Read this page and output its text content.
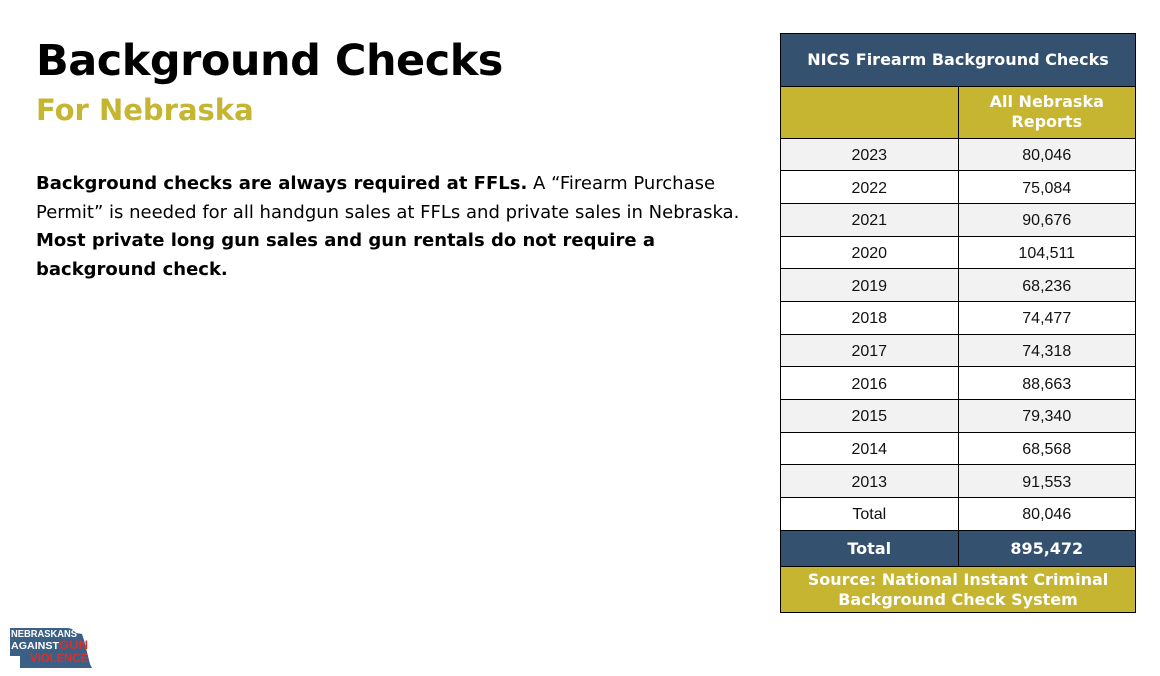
Background Checks
For Nebraska

Background checks are always required at FFLs. A “Firearm Purchase Permit” is needed for all handgun sales at FFLs and private sales in Nebraska. Most private long gun sales and gun rentals do not require a background check.

NICS Firearm Background Checks	
	All Nebraska Reports
2023	80,046
2022	75,084
2021	90,676
2020	104,511
2019	68,236
2018	74,477
2017	74,318
2016	88,663
2015	79,340
2014	68,568
2013	91,553
Total	80,046
Total	895,472
Source: National Instant Criminal Background Check System	
NEBRASKANS
AGAINST GUN
VIOLENCE
